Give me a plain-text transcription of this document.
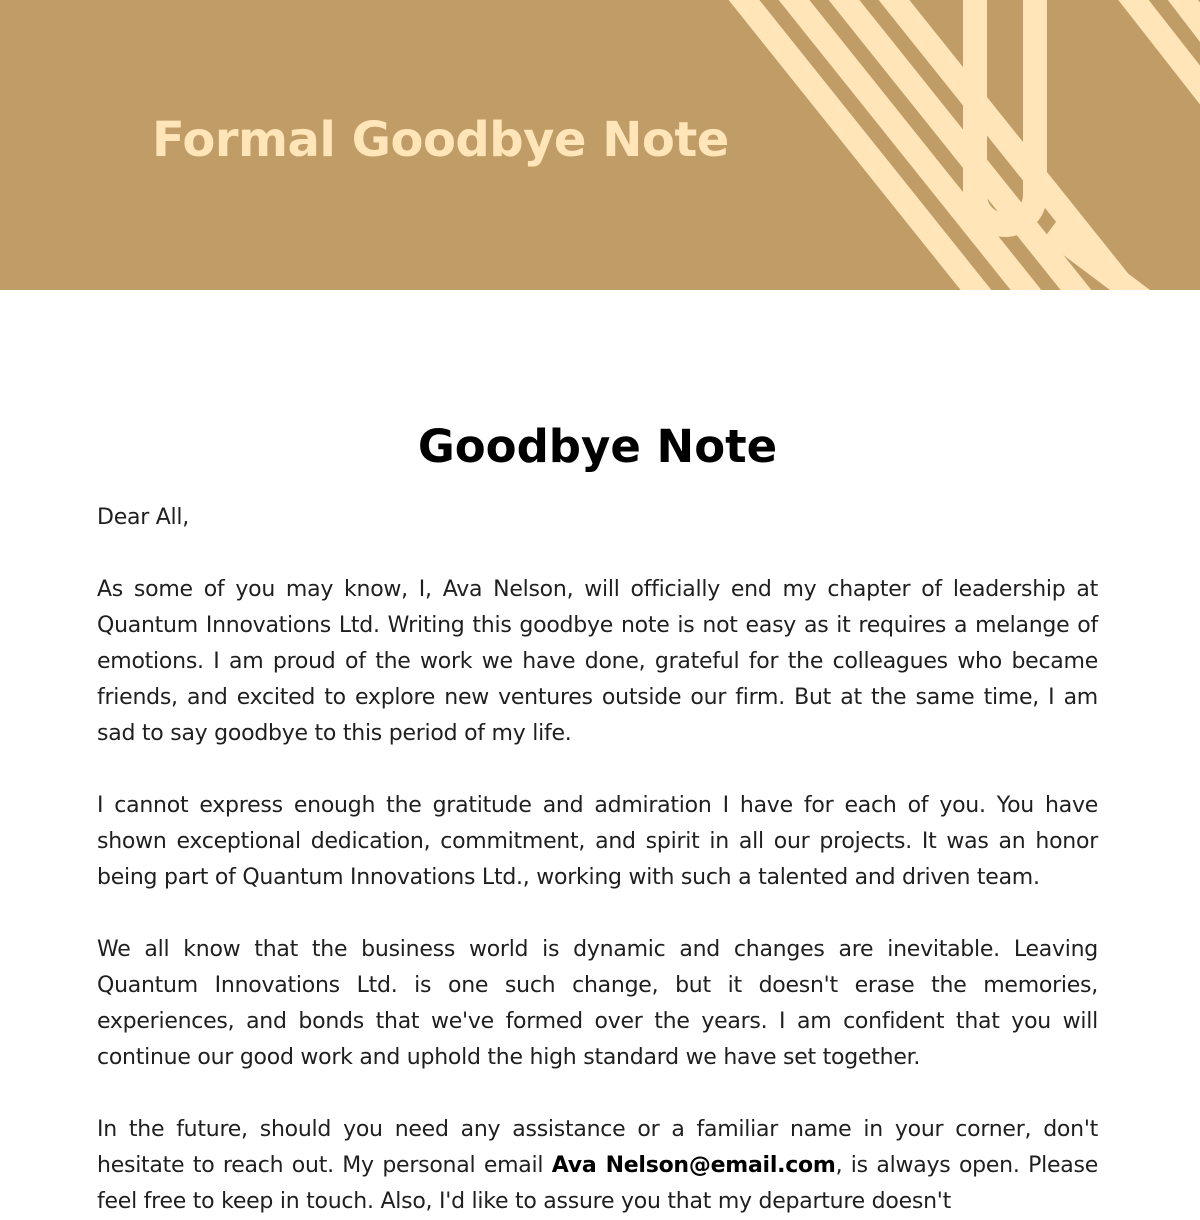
Formal Goodbye Note
Goodbye Note

Dear All,

As some of you may know, I, Ava Nelson, will officially end my chapter of leadership at Quantum Innovations Ltd. Writing this goodbye note is not easy as it requires a melange of emotions. I am proud of the work we have done, grateful for the colleagues who became friends, and excited to explore new ventures outside our firm. But at the same time, I am sad to say goodbye to this period of my life.

I cannot express enough the gratitude and admiration I have for each of you. You have shown exceptional dedication, commitment, and spirit in all our projects. It was an honor being part of Quantum Innovations Ltd., working with such a talented and driven team.

We all know that the business world is dynamic and changes are inevitable. Leaving Quantum Innovations Ltd. is one such change, but it doesn't erase the memories, experiences, and bonds that we've formed over the years. I am confident that you will continue our good work and uphold the high standard we have set together.

In the future, should you need any assistance or a familiar name in your corner, don't hesitate to reach out. My personal email Ava Nelson@email.com, is always open. Please feel free to keep in touch. Also, I'd like to assure you that my departure doesn't
